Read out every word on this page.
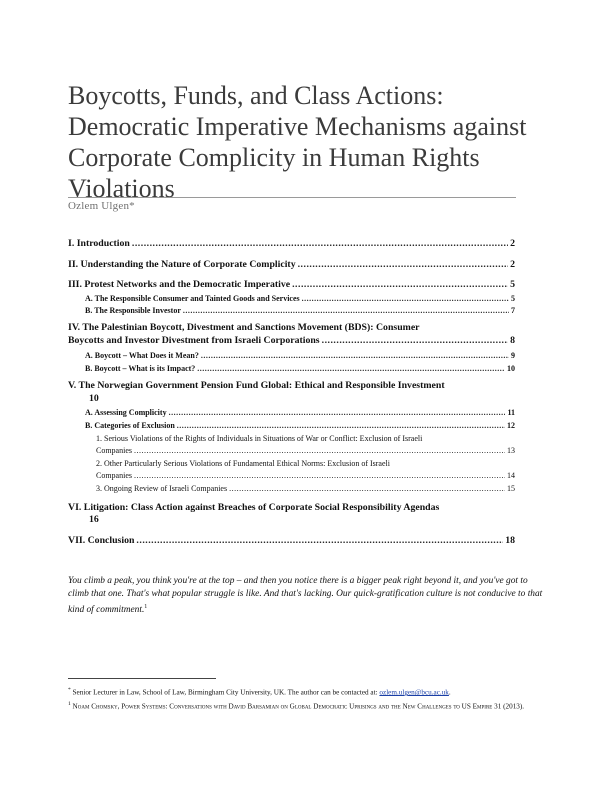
Boycotts, Funds, and Class Actions: Democratic Imperative Mechanisms against Corporate Complicity in Human Rights Violations
Ozlem Ulgen*
I. Introduction .....	2
II. Understanding the Nature of Corporate Complicity .....	2
III. Protest Networks and the Democratic Imperative .....	5
A. The Responsible Consumer and Tainted Goods and Services .....	5
B. The Responsible Investor .....	7
IV. The Palestinian Boycott, Divestment and Sanctions Movement (BDS): Consumer
Boycotts and Investor Divestment from Israeli Corporations .....	8
A. Boycott – What Does it Mean? .....	9
B. Boycott – What is its Impact? .....	10
V. The Norwegian Government Pension Fund Global: Ethical and Responsible Investment
10
A. Assessing Complicity .....	11
B. Categories of Exclusion .....	12
1. Serious Violations of the Rights of Individuals in Situations of War or Conflict: Exclusion of Israeli
Companies .....	13
2. Other Particularly Serious Violations of Fundamental Ethical Norms: Exclusion of Israeli
Companies .....	14
3. Ongoing Review of Israeli Companies .....	15
VI. Litigation: Class Action against Breaches of Corporate Social Responsibility Agendas
16
VII. Conclusion .....	18

You climb a peak, you think you're at the top – and then you notice there is a bigger peak right beyond it, and you've got to climb that one. That's what popular struggle is like. And that's lacking. Our quick-gratification culture is not conducive to that kind of commitment.$^1$

* Senior Lecturer in Law, School of Law, Birmingham City University, UK. The author can be contacted at: ozlem.ulgen@bcu.ac.uk.

$^1$ Noam Chomsky, Power Systems: Conversations with David Barsamian on Global Democratic Uprisings and the New Challenges to US Empire 31 (2013).
